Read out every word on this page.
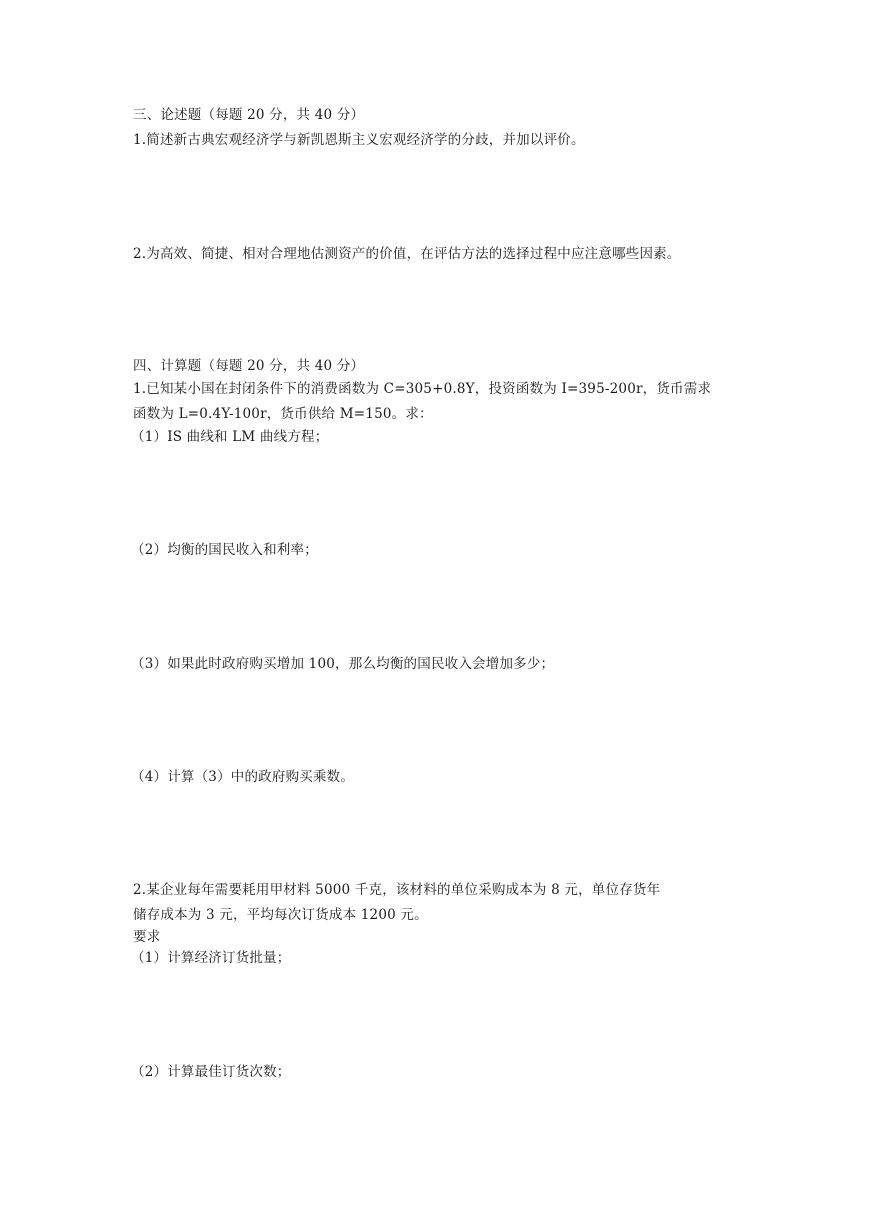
三、论述题（每题 20 分，共 40 分）
1.简述新古典宏观经济学与新凯恩斯主义宏观经济学的分歧，并加以评价。
2.为高效、简捷、相对合理地估测资产的价值，在评估方法的选择过程中应注意哪些因素。
四、计算题（每题 20 分，共 40 分）
1.已知某小国在封闭条件下的消费函数为 C=305+0.8Y，投资函数为 I=395-200r，货币需求
函数为 L=0.4Y-100r，货币供给 M=150。求：
（1）IS 曲线和 LM 曲线方程；
（2）均衡的国民收入和利率；
（3）如果此时政府购买增加 100，那么均衡的国民收入会增加多少；
（4）计算（3）中的政府购买乘数。
2.某企业每年需要耗用甲材料 5000 千克，该材料的单位采购成本为 8 元，单位存货年
储存成本为 3 元，平均每次订货成本 1200 元。
要求
（1）计算经济订货批量；
（2）计算最佳订货次数；
